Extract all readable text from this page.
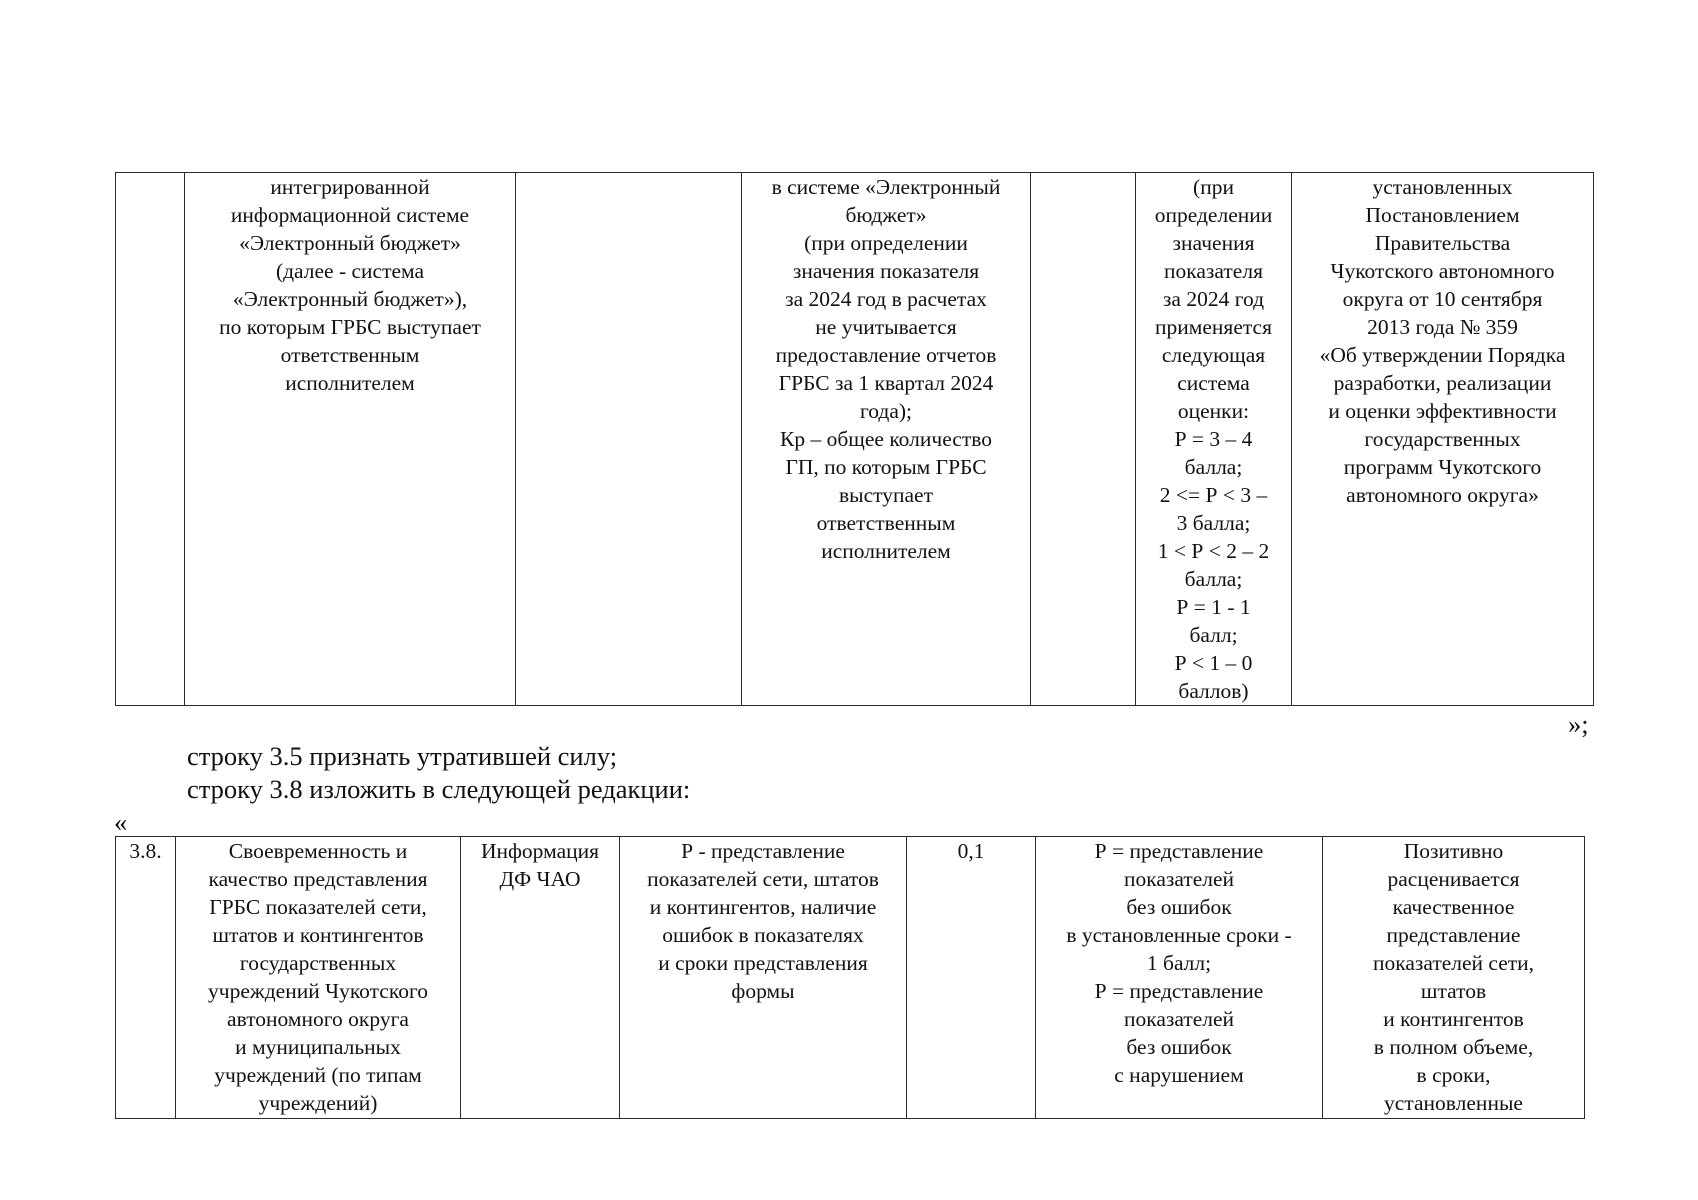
	интегрированной
информационной системе
«Электронный бюджет»
(далее - система
«Электронный бюджет»),
по которым ГРБС выступает
ответственным
исполнителем		в системе «Электронный
бюджет»
(при определении
значения показателя
за 2024 год в расчетах
не учитывается
предоставление отчетов
ГРБС за 1 квартал 2024
года);
Кр – общее количество
ГП, по которым ГРБС
выступает
ответственным
исполнителем		(при
определении
значения
показателя
за 2024 год
применяется
следующая
система
оценки:
Р = 3 – 4
балла;
2 <= Р < 3 –
3 балла;
1 < Р < 2 – 2
балла;
Р = 1 - 1
балл;
Р < 1 – 0
баллов)	установленных
Постановлением
Правительства
Чукотского автономного
округа от 10 сентября
2013 года № 359
«Об утверждении Порядка
разработки, реализации
и оценки эффективности
государственных
программ Чукотского
автономного округа»
»;
строку 3.5 признать утратившей силу;
строку 3.8 изложить в следующей редакции:
«
3.8.	Своевременность и
качество представления
ГРБС показателей сети,
штатов и контингентов
государственных
учреждений Чукотского
автономного округа
и муниципальных
учреждений (по типам
учреждений)	Информация
ДФ ЧАО	Р - представление
показателей сети, штатов
и контингентов, наличие
ошибок в показателях
и сроки представления
формы	0,1	Р = представление
показателей
без ошибок
в установленные сроки -
1 балл;
Р = представление
показателей
без ошибок
с нарушением	Позитивно
расценивается
качественное
представление
показателей сети,
штатов
и контингентов
в полном объеме,
в сроки,
установленные
